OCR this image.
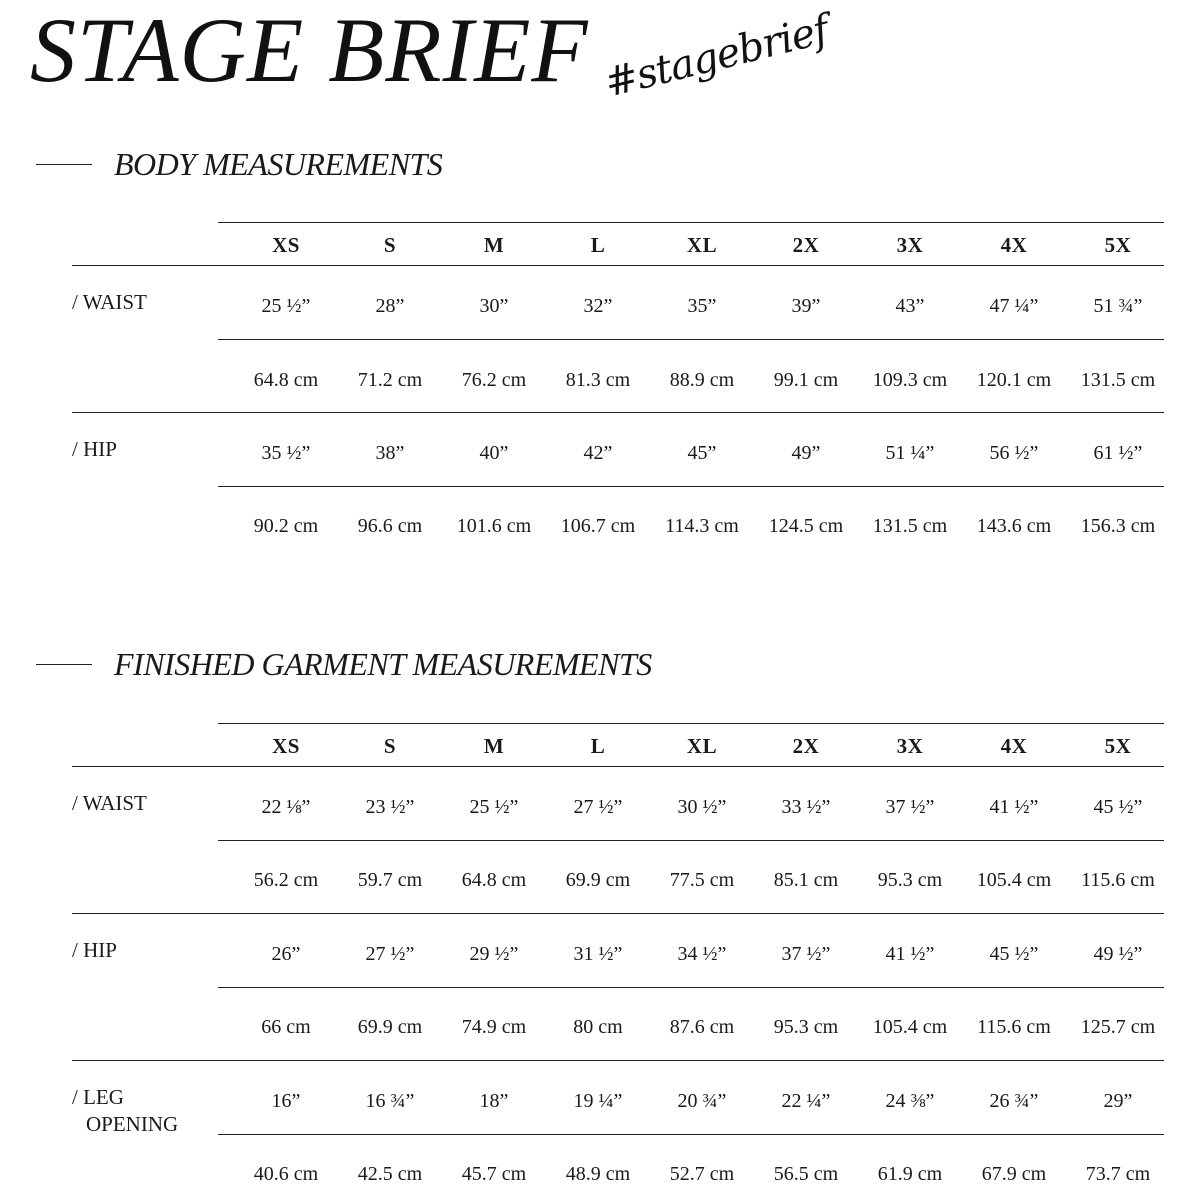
STAGE BRIEF #stagebrief
BODY MEASUREMENTS
XS	S	M	L	XL	2X	3X	4X	5X
/ WAIST	25 ½”	28”	30”	32”	35”	39”	43”	47 ¼”	51 ¾”
64.8 cm	71.2 cm	76.2 cm	81.3 cm	88.9 cm	99.1 cm	109.3 cm	120.1 cm	131.5 cm
/ HIP	35 ½”	38”	40”	42”	45”	49”	51 ¼”	56 ½”	61 ½”
90.2 cm	96.6 cm	101.6 cm	106.7 cm	114.3 cm	124.5 cm	131.5 cm	143.6 cm	156.3 cm
FINISHED GARMENT MEASUREMENTS
XS	S	M	L	XL	2X	3X	4X	5X
/ WAIST	22 ⅛”	23 ½”	25 ½”	27 ½”	30 ½”	33 ½”	37 ½”	41 ½”	45 ½”
56.2 cm	59.7 cm	64.8 cm	69.9 cm	77.5 cm	85.1 cm	95.3 cm	105.4 cm	115.6 cm
/ HIP	26”	27 ½”	29 ½”	31 ½”	34 ½”	37 ½”	41 ½”	45 ½”	49 ½”
66 cm	69.9 cm	74.9 cm	80 cm	87.6 cm	95.3 cm	105.4 cm	115.6 cm	125.7 cm
/ LEG
OPENING
16”	16 ¾”	18”	19 ¼”	20 ¾”	22 ¼”	24 ⅜”	26 ¾”	29”
40.6 cm	42.5 cm	45.7 cm	48.9 cm	52.7 cm	56.5 cm	61.9 cm	67.9 cm	73.7 cm
